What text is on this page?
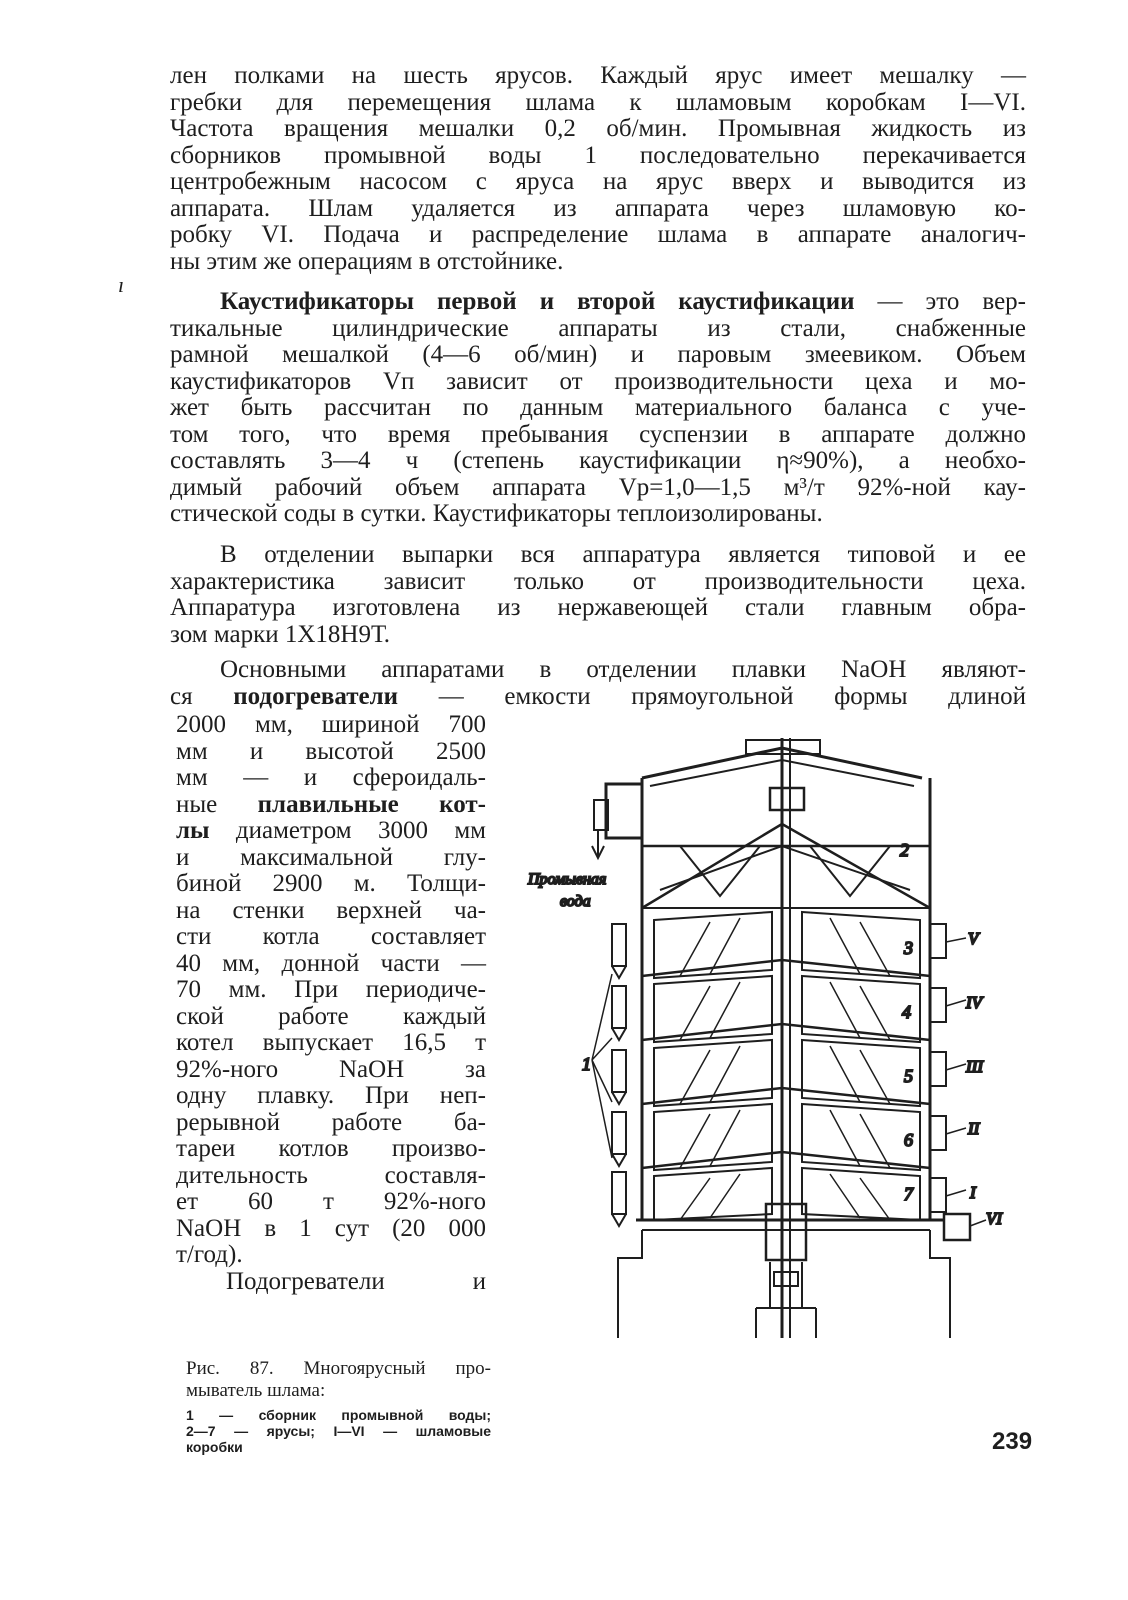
лен полками на шесть ярусов. Каждый ярус имеет мешалку —
гребки для перемещения шлама к шламовым коробкам I—VI.
Частота вращения мешалки 0,2 об/мин. Промывная жидкость из
сборников промывной воды 1 последовательно перекачивается
центробежным насосом с яруса на ярус вверх и выводится из
аппарата. Шлам удаляется из аппарата через шламовую ко-
робку VI. Подача и распределение шлама в аппарате аналогич-
ны этим же операциям в отстойнике.
Каустификаторы первой и второй каустификации — это вер-
тикальные цилиндрические аппараты из стали, снабженные
рамной мешалкой (4—6 об/мин) и паровым змеевиком. Объем
каустификаторов Vп зависит от производительности цеха и мо-
жет быть рассчитан по данным материального баланса с уче-
том того, что время пребывания суспензии в аппарате должно
составлять 3—4 ч (степень каустификации η≈90%), а необхо-
димый рабочий объем аппарата Vр=1,0—1,5 м³/т 92%-ной кау-
стической соды в сутки. Каустификаторы теплоизолированы.
В отделении выпарки вся аппаратура является типовой и ее
характеристика зависит только от производительности цеха.
Аппаратура изготовлена из нержавеющей стали главным обра-
зом марки 1Х18Н9Т.
Основными аппаратами в отделении плавки NaOH являют-
ся подогреватели — емкости прямоугольной формы длиной
2000 мм, шириной 700
мм и высотой 2500
мм — и сфероидаль-
ные плавильные кот-
лы диаметром 3000 мм
и максимальной глу-
биной 2900 м. Толщи-
на стенки верхней ча-
сти котла составляет
40 мм, донной части —
70 мм. При периодиче-
ской работе каждый
котел выпускает 16,5 т
92%-ного NaOH за
одну плавку. При неп-
рерывной работе ба-
тареи котлов произво-
дительность составля-
ет 60 т 92%-ного
NaOH в 1 сут (20 000
т/год).
Подогреватели и
Рис. 87. Многоярусный про-
мыватель шлама:
1 — сборник промывной воды;
2—7 — ярусы; I—VI — шламовые
коробки	239
ı
Промывная
вода
1
2
3
4
5
6
7
V
IV
III
II
I
VI
